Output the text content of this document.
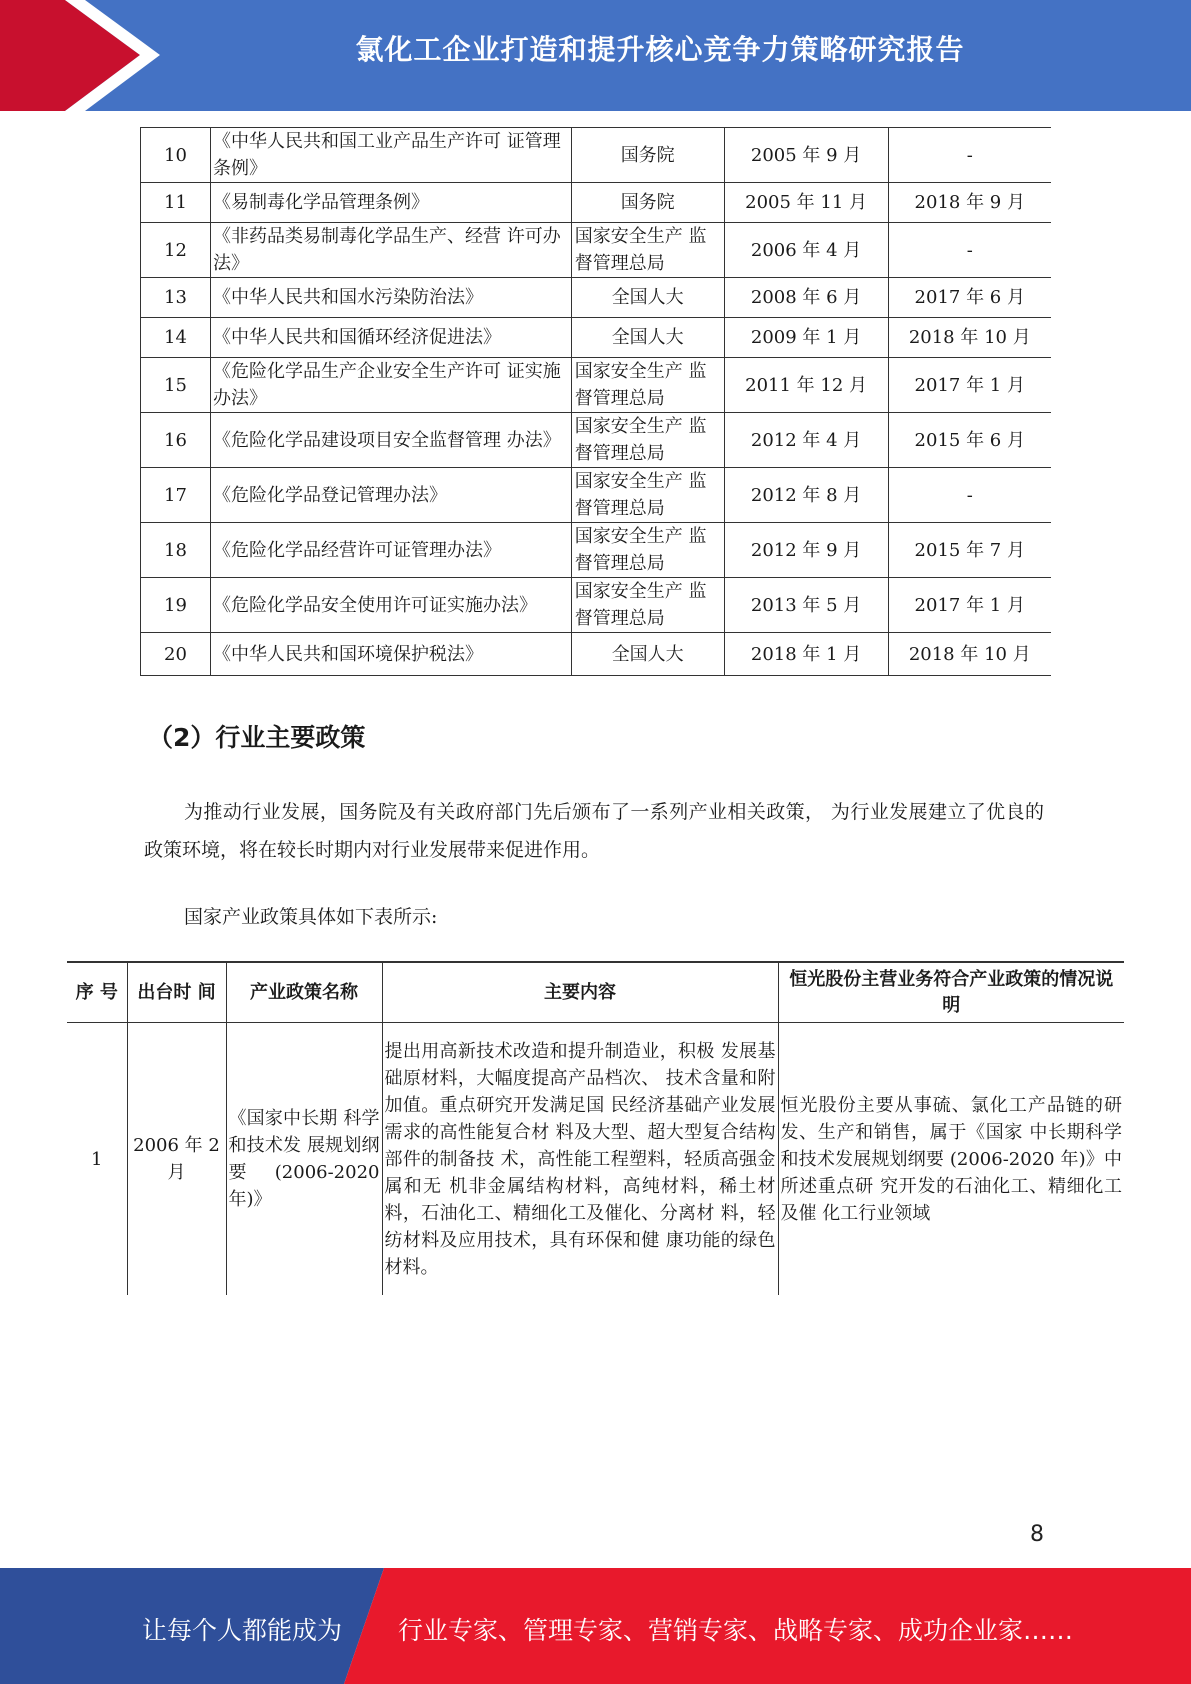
氯化工企业打造和提升核心竞争力策略研究报告
10	《中华人民共和国工业产品生产许可 证管理条例》	国务院	2005 年 9 月	-
11	《易制毒化学品管理条例》	国务院	2005 年 11 月	2018 年 9 月
12	《非药品类易制毒化学品生产、经营 许可办法》	国家安全生产 监督管理总局	2006 年 4 月	-
13	《中华人民共和国水污染防治法》	全国人大	2008 年 6 月	2017 年 6 月
14	《中华人民共和国循环经济促进法》	全国人大	2009 年 1 月	2018 年 10 月
15	《危险化学品生产企业安全生产许可 证实施办法》	国家安全生产 监督管理总局	2011 年 12 月	2017 年 1 月
16	《危险化学品建设项目安全监督管理 办法》	国家安全生产 监督管理总局	2012 年 4 月	2015 年 6 月
17	《危险化学品登记管理办法》	国家安全生产 监督管理总局	2012 年 8 月	-
18	《危险化学品经营许可证管理办法》	国家安全生产 监督管理总局	2012 年 9 月	2015 年 7 月
19	《危险化学品安全使用许可证实施办法》	国家安全生产 监督管理总局	2013 年 5 月	2017 年 1 月
20	《中华人民共和国环境保护税法》	全国人大	2018 年 1 月	2018 年 10 月
（2）行业主要政策
为推动行业发展，国务院及有关政府部门先后颁布了一系列产业相关政策， 为行业发展建立了优良的政策环境，将在较长时期内对行业发展带来促进作用。
国家产业政策具体如下表所示:
序 号	出台时 间	产业政策名称	主要内容	恒光股份主营业务符合产业政策的情况说明
1	2006 年 2 月	《国家中长期 科学和技术发 展规划纲要 (2006-2020 年)》	提出用高新技术改造和提升制造业，积极 发展基础原材料，大幅度提高产品档次、 技术含量和附加值。重点研究开发满足国 民经济基础产业发展需求的高性能复合材 料及大型、超大型复合结构部件的制备技 术，高性能工程塑料，轻质高强金属和无 机非金属结构材料，高纯材料，稀土材 料，石油化工、精细化工及催化、分离材 料，轻纺材料及应用技术，具有环保和健 康功能的绿色材料。	恒光股份主要从事硫、氯化工产品链的研发、生产和销售，属于《国家 中长期科学和技术发展规划纲要 (2006-2020 年)》中所述重点研 究开发的石油化工、精细化工及催 化工行业领域
8
让每个人都能成为 行业专家、管理专家、营销专家、战略专家、成功企业家……
